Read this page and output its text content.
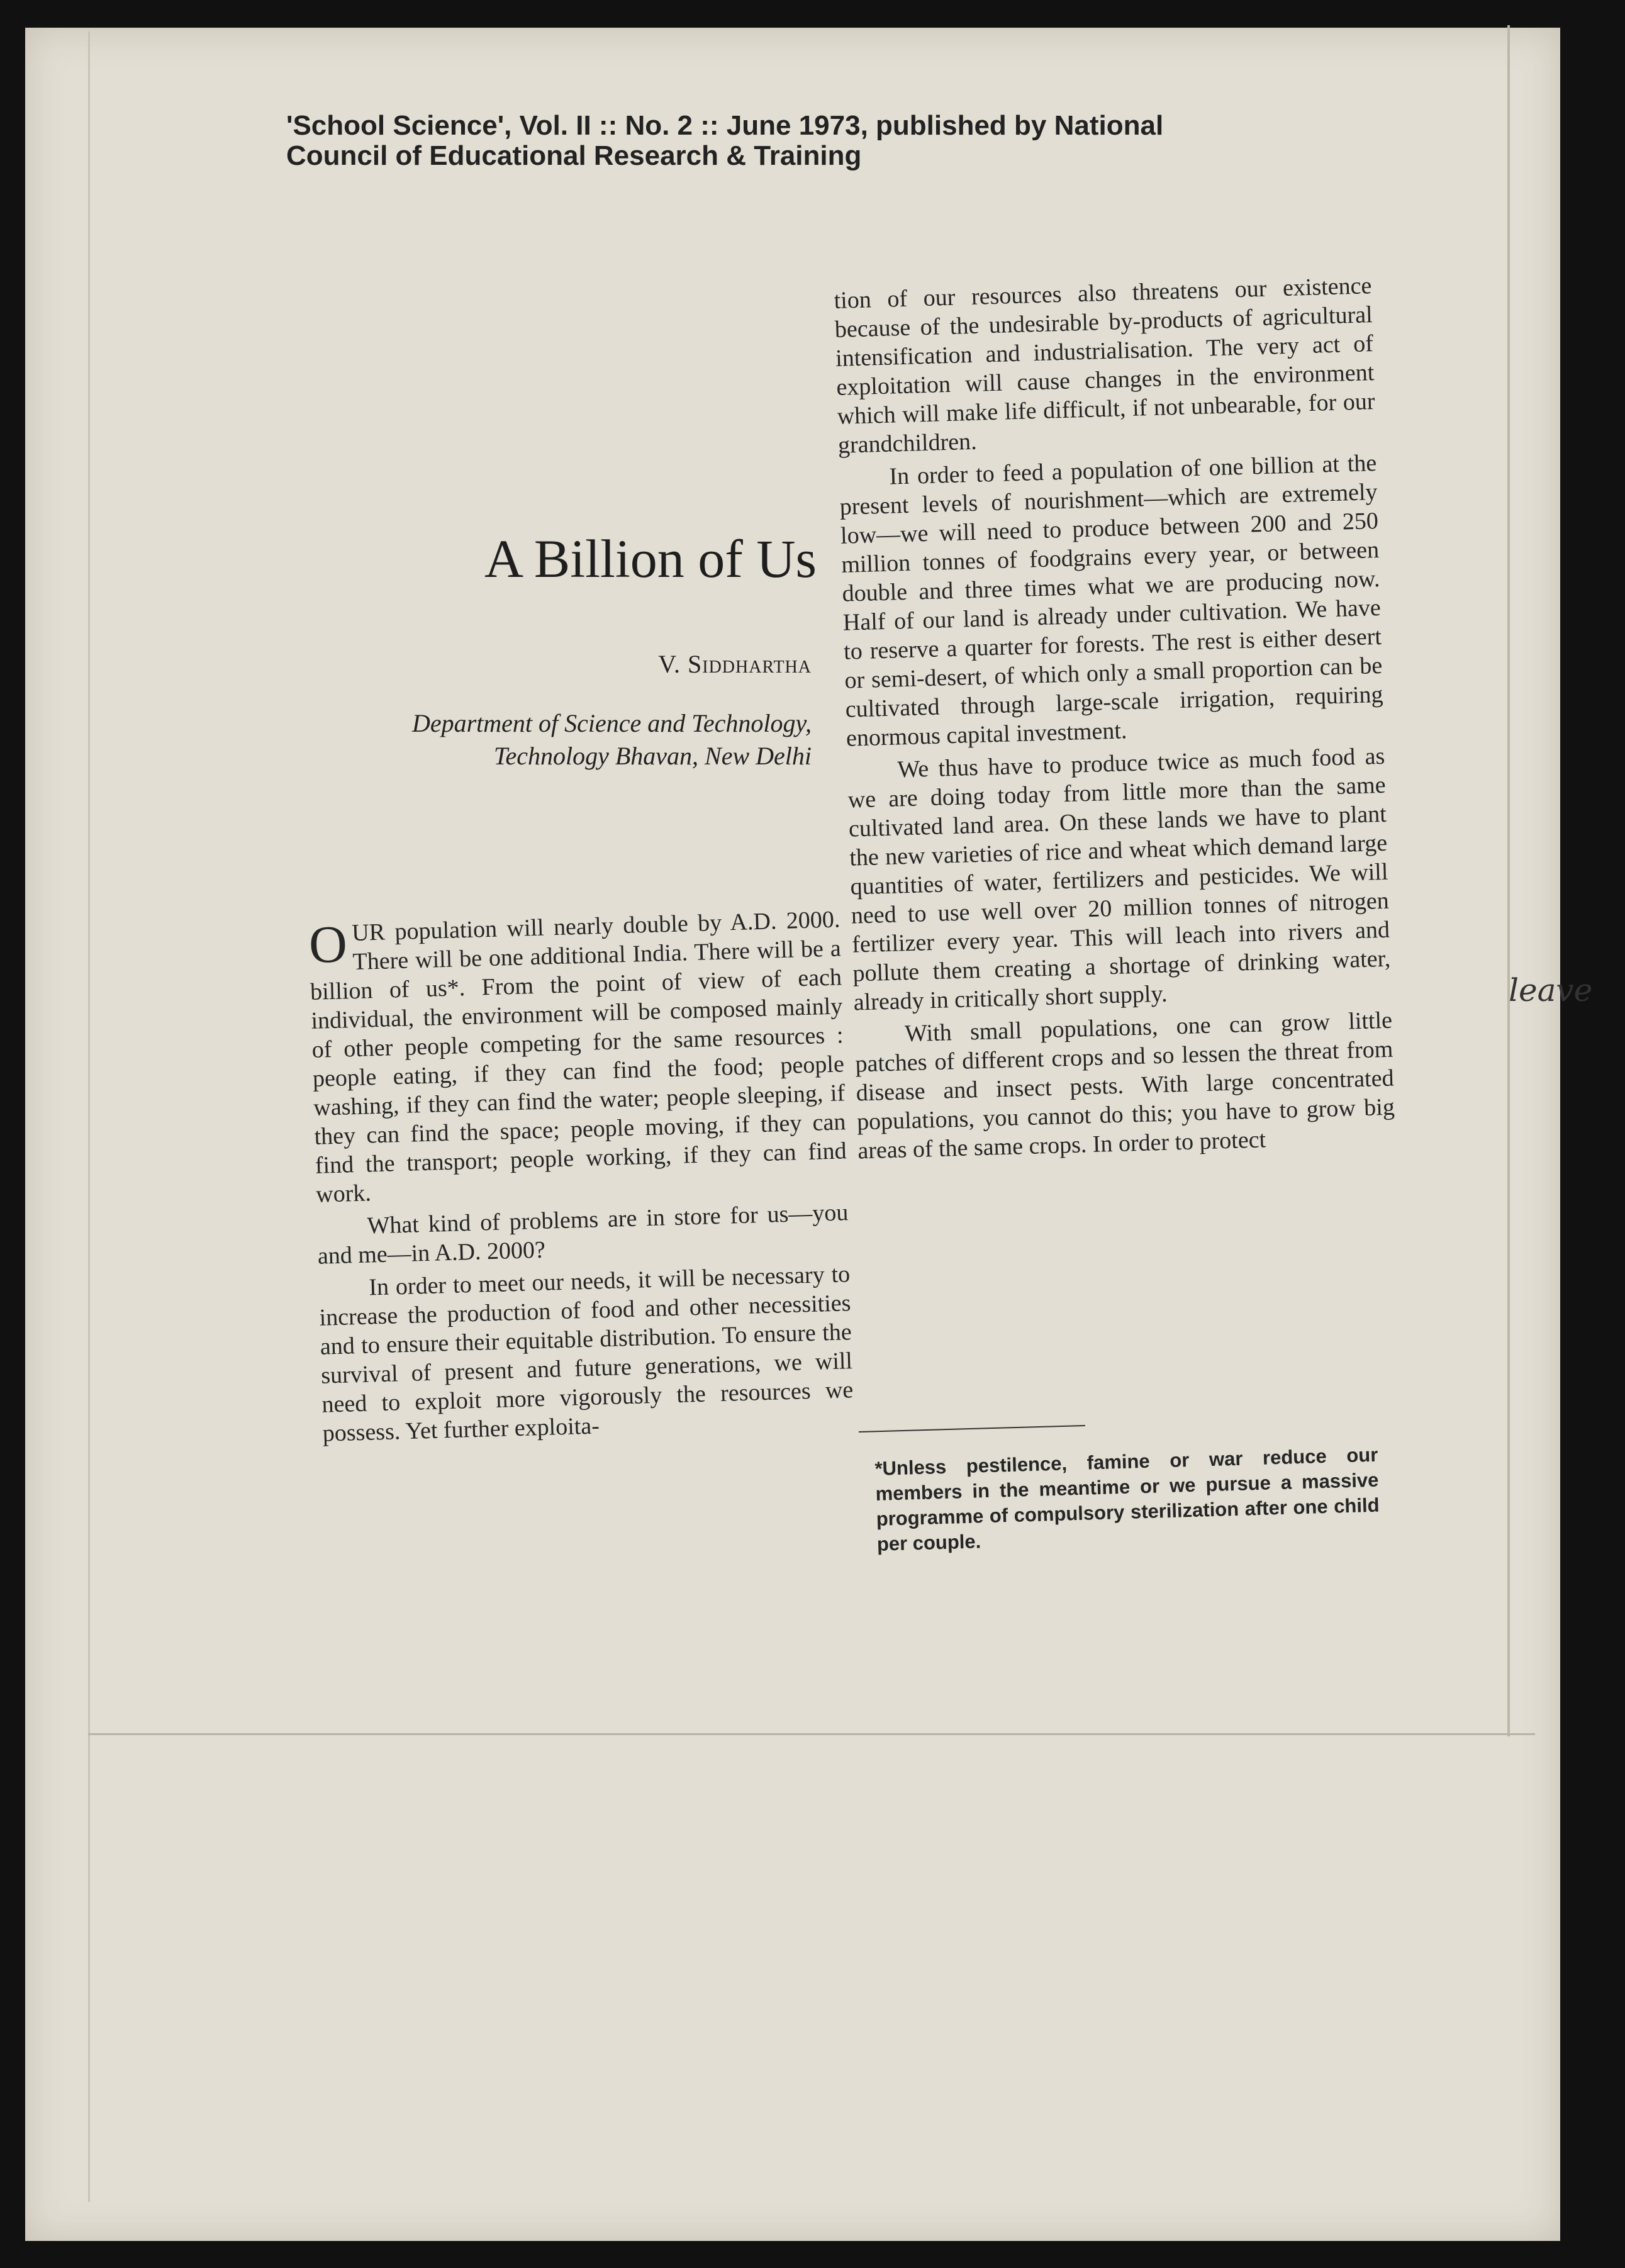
'School Science', Vol. II :: No. 2 :: June 1973, published by National
Council of Educational Research & Training
A Billion of Us
V. Siddhartha
Department of Science and Technology,
Technology Bhavan, New Delhi

OUR population will nearly double by A.D. 2000. There will be one additional India. There will be a billion of us*. From the point of view of each individual, the environment will be composed mainly of other people competing for the same resources : people eating, if they can find the food; people washing, if they can find the water; people sleeping, if they can find the space; people moving, if they can find the transport; people working, if they can find work.

What kind of problems are in store for us—you and me—in A.D. 2000?

In order to meet our needs, it will be necessary to increase the production of food and other necessities and to ensure their equitable distribution. To ensure the survival of present and future generations, we will need to exploit more vigorously the resources we possess. Yet further exploita-

tion of our resources also threatens our existence because of the undesirable by-products of agricultural intensification and industrialisation. The very act of exploitation will cause changes in the environment which will make life difficult, if not unbearable, for our grandchildren.

In order to feed a population of one billion at the present levels of nourishment—which are extremely low—we will need to produce between 200 and 250 million tonnes of foodgrains every year, or between double and three times what we are producing now. Half of our land is already under cultivation. We have to reserve a quarter for forests. The rest is either desert or semi-desert, of which only a small proportion can be cultivated through large-scale irrigation, requiring enormous capital investment.

We thus have to produce twice as much food as we are doing today from little more than the same cultivated land area. On these lands we have to plant the new varieties of rice and wheat which demand large quantities of water, fertilizers and pesticides. We will need to use well over 20 million tonnes of nitrogen fertilizer every year. This will leach into rivers and pollute them creating a shortage of drinking water, already in critically short supply.

With small populations, one can grow little patches of different crops and so lessen the threat from disease and insect pests. With large concentrated populations, you cannot do this; you have to grow big areas of the same crops. In order to protect

*Unless pestilence, famine or war reduce our members in the meantime or we pursue a massive programme of compulsory sterilization after one child per couple.
leave
